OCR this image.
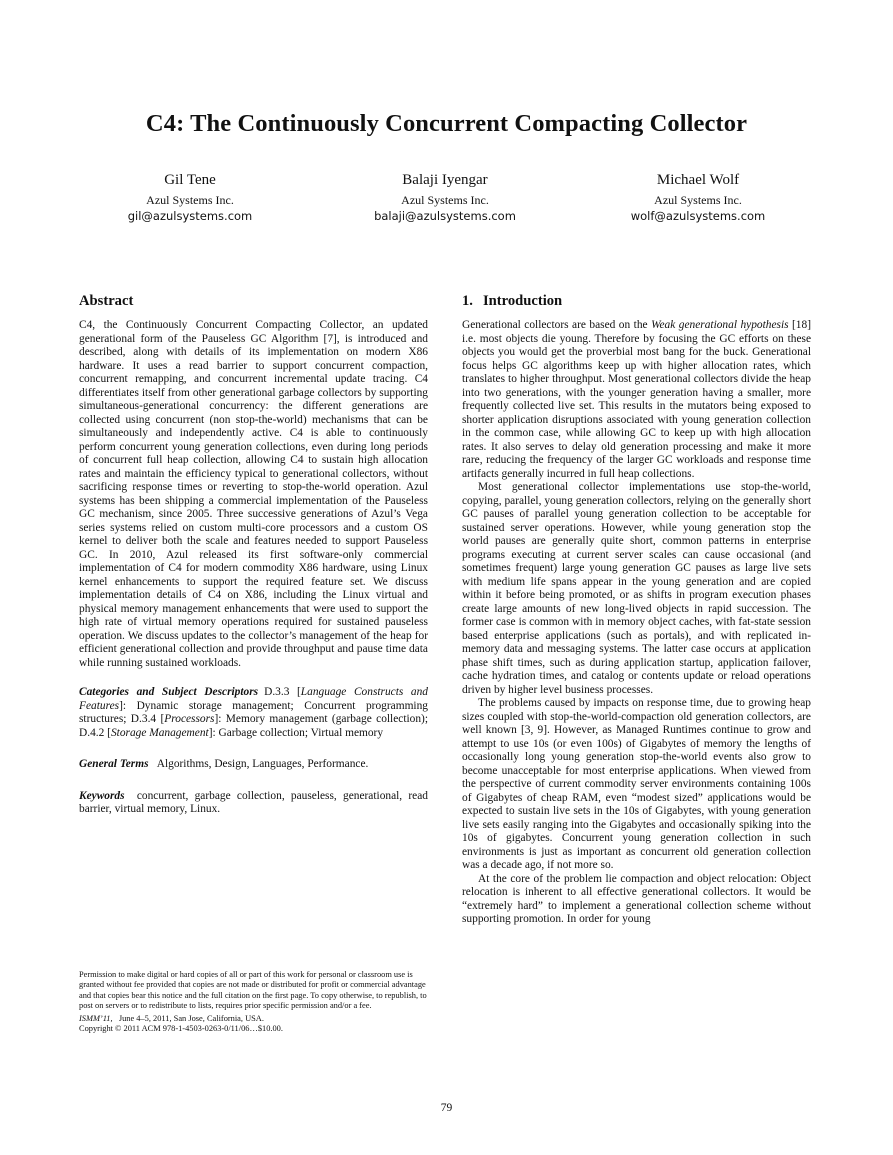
C4: The Continuously Concurrent Compacting Collector
Gil Tene
Azul Systems Inc.
gil@azulsystems.com
Balaji Iyengar
Azul Systems Inc.
balaji@azulsystems.com
Michael Wolf
Azul Systems Inc.
wolf@azulsystems.com
Abstract

C4, the Continuously Concurrent Compacting Collector, an updated generational form of the Pauseless GC Algorithm [7], is introduced and described, along with details of its implementation on modern X86 hardware. It uses a read barrier to support concurrent compaction, concurrent remapping, and concurrent incremental update tracing. C4 differentiates itself from other generational garbage collectors by supporting simultaneous-generational concurrency: the different generations are collected using concurrent (non stop-the-world) mechanisms that can be simultaneously and independently active. C4 is able to continuously perform concurrent young generation collections, even during long periods of concurrent full heap collection, allowing C4 to sustain high allocation rates and maintain the efficiency typical to generational collectors, without sacrificing response times or reverting to stop-the-world operation. Azul systems has been shipping a commercial implementation of the Pauseless GC mechanism, since 2005. Three successive generations of Azul’s Vega series systems relied on custom multi-core processors and a custom OS kernel to deliver both the scale and features needed to support Pauseless GC. In 2010, Azul released its first software-only commercial implementation of C4 for modern commodity X86 hardware, using Linux kernel enhancements to support the required feature set. We discuss implementation details of C4 on X86, including the Linux virtual and physical memory management enhancements that were used to support the high rate of virtual memory operations required for sustained pauseless operation. We discuss updates to the collector’s management of the heap for efficient generational collection and provide throughput and pause time data while running sustained workloads.

Categories and Subject Descriptors D.3.3 [Language Constructs and Features]: Dynamic storage management; Concurrent programming structures; D.3.4 [Processors]: Memory management (garbage collection); D.4.2 [Storage Management]: Garbage collection; Virtual memory

General Terms Algorithms, Design, Languages, Performance.

Keywords concurrent, garbage collection, pauseless, generational, read barrier, virtual memory, Linux.

Permission to make digital or hard copies of all or part of this work for personal or classroom use is granted without fee provided that copies are not made or distributed for profit or commercial advantage and that copies bear this notice and the full citation on the first page. To copy otherwise, to republish, to post on servers or to redistribute to lists, requires prior specific permission and/or a fee.

ISMM’11, June 4–5, 2011, San Jose, California, USA.

Copyright © 2011 ACM 978-1-4503-0263-0/11/06…$10.00.

1. Introduction

Generational collectors are based on the Weak generational hypothesis [18] i.e. most objects die young. Therefore by focusing the GC efforts on these objects you would get the proverbial most bang for the buck. Generational focus helps GC algorithms keep up with higher allocation rates, which translates to higher throughput. Most generational collectors divide the heap into two generations, with the younger generation having a smaller, more frequently collected live set. This results in the mutators being exposed to shorter application disruptions associated with young generation collection in the common case, while allowing GC to keep up with high allocation rates. It also serves to delay old generation processing and make it more rare, reducing the frequency of the larger GC workloads and response time artifacts generally incurred in full heap collections.

Most generational collector implementations use stop-the-world, copying, parallel, young generation collectors, relying on the generally short GC pauses of parallel young generation collection to be acceptable for sustained server operations. However, while young generation stop the world pauses are generally quite short, common patterns in enterprise programs executing at current server scales can cause occasional (and sometimes frequent) large young generation GC pauses as large live sets with medium life spans appear in the young generation and are copied within it before being promoted, or as shifts in program execution phases create large amounts of new long-lived objects in rapid succession. The former case is common with in memory object caches, with fat-state session based enterprise applications (such as portals), and with replicated in-memory data and messaging systems. The latter case occurs at application phase shift times, such as during application startup, application failover, cache hydration times, and catalog or contents update or reload operations driven by higher level business processes.

The problems caused by impacts on response time, due to growing heap sizes coupled with stop-the-world-compaction old generation collectors, are well known [3, 9]. However, as Managed Runtimes continue to grow and attempt to use 10s (or even 100s) of Gigabytes of memory the lengths of occasionally long young generation stop-the-world events also grow to become unacceptable for most enterprise applications. When viewed from the perspective of current commodity server environments containing 100s of Gigabytes of cheap RAM, even “modest sized” applications would be expected to sustain live sets in the 10s of Gigabytes, with young generation live sets easily ranging into the Gigabytes and occasionally spiking into the 10s of gigabytes. Concurrent young generation collection in such environments is just as important as concurrent old generation collection was a decade ago, if not more so.

At the core of the problem lie compaction and object relocation: Object relocation is inherent to all effective generational collectors. It would be “extremely hard” to implement a generational collection scheme without supporting promotion. In order for young

79
